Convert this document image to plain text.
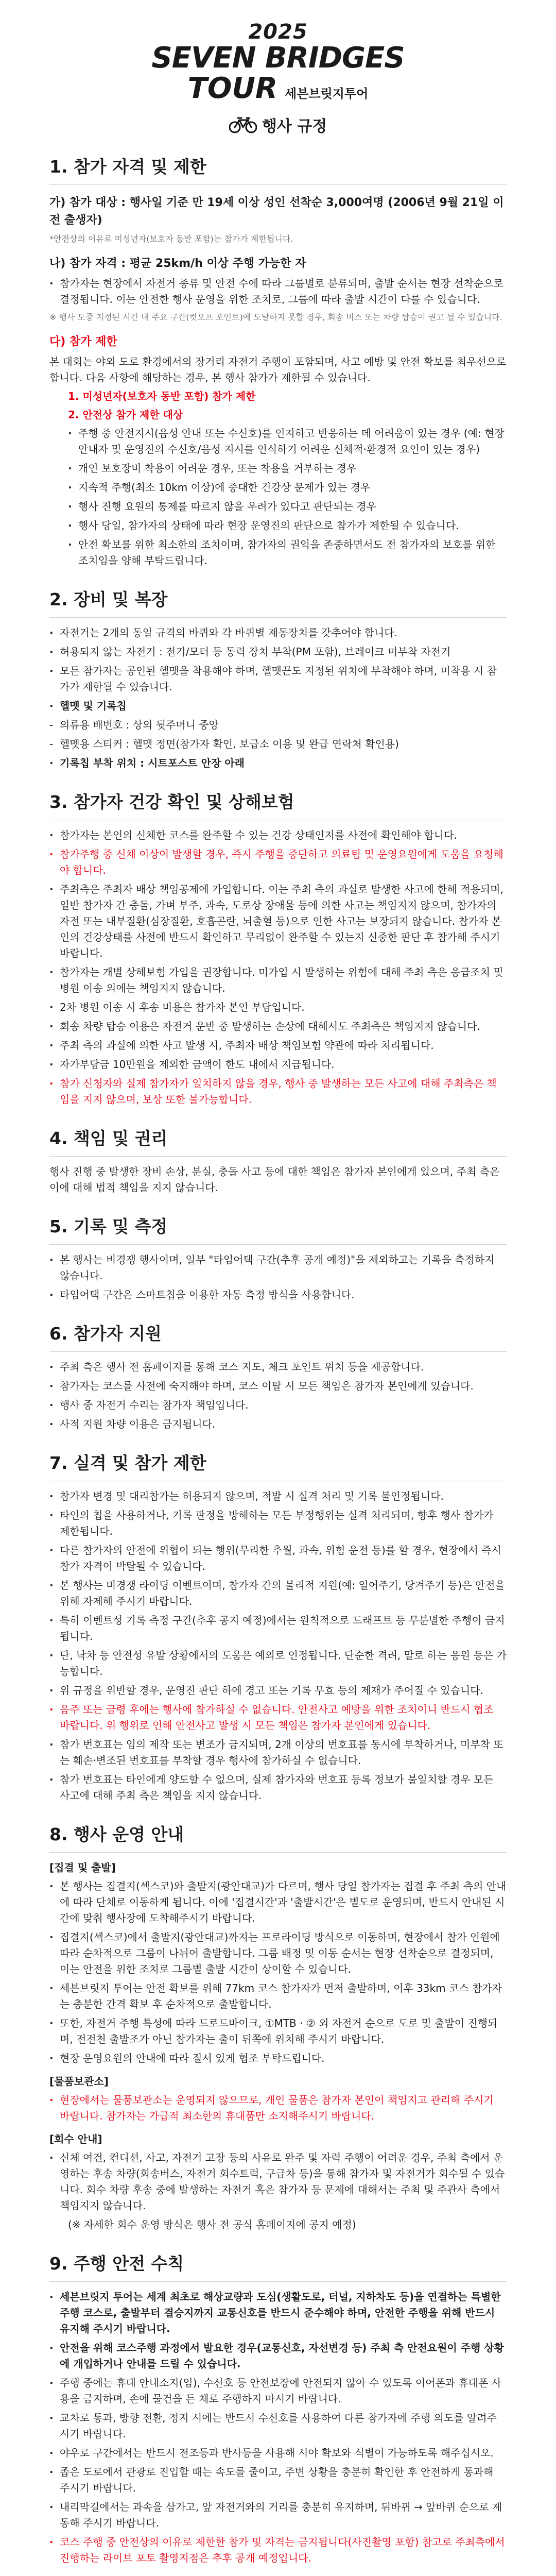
2025
SEVEN BRIDGES
TOUR 세븐브릿지투어
행사 규정
1. 참가 자격 및 제한

가) 참가 대상 : 행사일 기준 만 19세 이상 성인 선착순 3,000여명 (2006년 9월 21일 이전 출생자)

*안전상의 이유로 미성년자(보호자 동반 포함)는 참가가 제한됩니다.

나) 참가 자격 : 평균 25km/h 이상 주행 가능한 자

· 참가자는 현장에서 자전거 종류 및 안전 수에 따라 그룹별로 분류되며, 출발 순서는 현장 선착순으로 결정됩니다. 이는 안전한 행사 운영을 위한 조치로, 그룹에 따라 출발 시간이 다를 수 있습니다.

※ 행사 도중 지정된 시간 내 주요 구간(컷오프 포인트)에 도달하지 못할 경우, 회송 버스 또는 차량 탑승이 권고 될 수 있습니다.

다) 참가 제한

본 대회는 야외 도로 환경에서의 장거리 자전거 주행이 포함되며, 사고 예방 및 안전 확보를 최우선으로 합니다. 다음 사항에 해당하는 경우, 본 행사 참가가 제한될 수 있습니다.

1. 미성년자(보호자 동반 포함) 참가 제한

2. 안전상 참가 제한 대상

· 주행 중 안전지시(음성 안내 또는 수신호)를 인지하고 반응하는 데 어려움이 있는 경우 (예: 현장 안내자 및 운영진의 수신호/음성 지시를 인식하기 어려운 신체적·환경적 요인이 있는 경우)

· 개인 보호장비 착용이 어려운 경우, 또는 착용을 거부하는 경우

· 지속적 주행(최소 10km 이상)에 중대한 건강상 문제가 있는 경우

· 행사 진행 요원의 통제를 따르지 않을 우려가 있다고 판단되는 경우

· 행사 당일, 참가자의 상태에 따라 현장 운영진의 판단으로 참가가 제한될 수 있습니다.

· 안전 확보를 위한 최소한의 조치이며, 참가자의 권익을 존중하면서도 전 참가자의 보호를 위한 조치임을 양해 부탁드립니다.

2. 장비 및 복장

· 자전거는 2개의 동일 규격의 바퀴와 각 바퀴별 제동장치를 갖추어야 합니다.

· 허용되지 않는 자전거 : 전기/모터 등 동력 장치 부착(PM 포함), 브레이크 미부착 자전거

· 모든 참가자는 공인된 헬멧을 착용해야 하며, 헬멧끈도 지정된 위치에 부착해야 하며, 미착용 시 참가가 제한될 수 있습니다.

· 헬멧 및 기록칩

- 의류용 배번호 : 상의 뒷주머니 중앙

- 헬멧용 스티커 : 헬멧 정면(참가자 확인, 보급소 이용 및 완급 연락처 확인용)

· 기록칩 부착 위치 : 시트포스트 안장 아래

3. 참가자 건강 확인 및 상해보험

· 참가자는 본인의 신체한 코스를 완주할 수 있는 건강 상태인지를 사전에 확인해야 합니다.

· 참가주행 중 신체 이상이 발생할 경우, 즉시 주행을 중단하고 의료팀 및 운영요원에게 도움을 요청해야 합니다.

· 주최측은 주최자 배상 책임공제에 가입합니다. 이는 주최 측의 과실로 발생한 사고에 한해 적용되며, 일반 참가자 간 충돌, 가벼 부주, 과속, 도로상 장애물 등에 의한 사고는 책임지지 않으며, 참가자의 자전 또는 내부질환(심장질환, 호흡곤란, 뇌출혈 등)으로 인한 사고는 보장되지 않습니다. 참가자 본인의 건강상태를 사전에 반드시 확인하고 무리없이 완주할 수 있는지 신중한 판단 후 참가해 주시기 바랍니다.

· 참가자는 개별 상해보험 가입을 권장합니다. 미가입 시 발생하는 위험에 대해 주최 측은 응급조치 및 병원 이송 외에는 책임지지 않습니다.

· 2차 병원 이송 시 후송 비용은 참가자 본인 부담입니다.

· 회송 차량 탑승 이용은 자전거 운반 중 발생하는 손상에 대해서도 주최측은 책임지지 않습니다.

· 주최 측의 과실에 의한 사고 발생 시, 주최자 배상 책임보험 약관에 따라 처리됩니다.

· 자가부담금 10만원을 제외한 금액이 한도 내에서 지급됩니다.

· 참가 신청자와 실제 참가자가 일치하지 않을 경우, 행사 중 발생하는 모든 사고에 대해 주최측은 책임을 지지 않으며, 보상 또한 불가능합니다.

4. 책임 및 권리

행사 진행 중 발생한 장비 손상, 분실, 충돌 사고 등에 대한 책임은 참가자 본인에게 있으며, 주최 측은 이에 대해 법적 책임을 지지 않습니다.

5. 기록 및 측정

· 본 행사는 비경쟁 행사이며, 일부 "타임어택 구간(추후 공개 예정)"을 제외하고는 기록을 측정하지 않습니다.

· 타임어택 구간은 스마트칩을 이용한 자동 측정 방식을 사용합니다.

6. 참가자 지원

· 주최 측은 행사 전 홈페이지를 통해 코스 지도, 체크 포인트 위치 등을 제공합니다.

· 참가자는 코스를 사전에 숙지해야 하며, 코스 이탈 시 모든 책임은 참가자 본인에게 있습니다.

· 행사 중 자전거 수리는 참가자 책임입니다.

· 사적 지원 차량 이용은 금지됩니다.

7. 실격 및 참가 제한

· 참가자 변경 및 대리참가는 허용되지 않으며, 적발 시 실격 처리 및 기록 불인정됩니다.

· 타인의 칩을 사용하거나, 기록 판정을 방해하는 모든 부정행위는 실격 처리되며, 향후 행사 참가가 제한됩니다.

· 다른 참가자의 안전에 위협이 되는 행위(무리한 추월, 과속, 위험 운전 등)를 할 경우, 현장에서 즉시 참가 자격이 박탈될 수 있습니다.

· 본 행사는 비경쟁 라이딩 이벤트이며, 참가자 간의 불리적 지원(예: 일어주기, 당겨주기 등)은 안전을 위해 자제해 주시기 바랍니다.

· 특히 이벤트성 기록 측정 구간(추후 공지 예정)에서는 원칙적으로 드래프트 등 무분별한 주행이 금지됩니다.

· 단, 낙차 등 안전성 유발 상황에서의 도움은 예외로 인정됩니다. 단순한 격려, 말로 하는 응원 등은 가능합니다.

· 위 규정을 위반할 경우, 운영진 판단 하에 경고 또는 기록 무효 등의 제재가 주어질 수 있습니다.

· 음주 또는 금령 후에는 행사에 참가하실 수 없습니다. 안전사고 예방을 위한 조치이니 반드시 협조 바랍니다. 위 행위로 인해 안전사고 발생 시 모든 책임은 참가자 본인에게 있습니다.

· 참가 번호표는 임의 제작 또는 변조가 금지되며, 2개 이상의 번호표를 동시에 부착하거나, 미부착 또는 훼손·변조된 번호표를 부착할 경우 행사에 참가하실 수 없습니다.

· 참가 번호표는 타인에게 양도할 수 없으며, 실제 참가자와 번호표 등록 정보가 불일치할 경우 모든 사고에 대해 주최 측은 책임을 지지 않습니다.

8. 행사 운영 안내

[집결 및 출발]

· 본 행사는 집결지(섹스코)와 출발지(광안대교)가 다르며, 행사 당일 참가자는 집결 후 주최 측의 안내에 따라 단체로 이동하게 됩니다. 이에 '집결시간'과 '출발시간'은 별도로 운영되며, 반드시 안내된 시간에 맞춰 행사장에 도착해주시기 바랍니다.

· 집결지(섹스코)에서 출발지(광안대교)까지는 프로라이딩 방식으로 이동하며, 현장에서 참가 인원에 따라 순차적으로 그룹이 나뉘어 출발합니다. 그룹 배정 및 이동 순서는 현장 선착순으로 결정되며, 이는 안전을 위한 조치로 그룹별 출발 시간이 상이할 수 있습니다.

· 세븐브릿지 투어는 안전 확보를 위해 77km 코스 참가자가 먼저 출발하며, 이후 33km 코스 참가자는 충분한 간격 확보 후 순차적으로 출발합니다.

· 또한, 자전거 주행 특성에 따라 드로드바이크, ①MTB · ② 외 자전거 순으로 도로 및 출발이 진행되며, 전전천 출발조가 아닌 참가자는 출이 뒤쪽에 위치해 주시기 바랍니다.

· 현장 운영요원의 안내에 따라 질서 있게 협조 부탁드립니다.

[물품보관소]

· 현장에서는 물품보관소는 운영되지 않으므로, 개인 물품은 참가자 본인이 책임지고 관리해 주시기 바랍니다. 참가자는 가급적 최소한의 휴대품만 소지해주시기 바랍니다.

[회수 안내]

· 신체 여건, 컨디션, 사고, 자전거 고장 등의 사유로 완주 및 자력 주행이 어려운 경우, 주최 측에서 운영하는 후송 차량(회송버스, 자전거 회수트럭, 구급차 등)을 통해 참가자 및 자전거가 회수될 수 있습니다. 회수 차량 후송 중에 발생하는 자전거 혹은 참가자 등 문제에 대해서는 주최 및 주관사 측에서 책임지지 않습니다.

(※ 자세한 회수 운영 방식은 행사 전 공식 홈페이지에 공지 예정)

9. 주행 안전 수칙

· 세븐브릿지 투어는 세계 최초로 해상교량과 도심(생활도로, 터널, 지하차도 등)을 연결하는 특별한 주행 코스로, 출발부터 결승지까지 교통신호를 반드시 준수해야 하며, 안전한 주행을 위해 반드시 유지해 주시기 바랍니다.

· 안전을 위해 코스주행 과정에서 발요한 경우(교통신호, 자선변경 등) 주최 측 안전요원이 주행 상황에 개입하거나 안내를 드릴 수 있습니다.

· 주행 중에는 휴대 안내소지(임), 수신호 등 안전보장에 안전되지 않아 수 있도록 이어폰과 휴대폰 사용을 금지하며, 손에 물건을 든 채로 주행하지 마시기 바랍니다.

· 교차로 통과, 방향 전환, 정지 시에는 반드시 수신호를 사용하여 다른 참가자에 주행 의도를 알려주시기 바랍니다.

· 야우로 구간에서는 반드시 전조등과 반사등을 사용해 시야 확보와 식별이 가능하도록 해주십시오.

· 좁은 도로에서 관광로 진입할 때는 속도를 줄이고, 주변 상황을 충분히 확인한 후 안전하게 통과해 주시기 바랍니다.

· 내리막길에서는 과속을 삼가고, 앞 자전거와의 거리를 충분히 유지하며, 뒤바뀌 → 앞바퀴 순으로 제동해 주시기 바랍니다.

· 코스 주행 중 안전상의 이유로 제한한 참가 및 자격는 금지됩니다(사진촬영 포함) 참고로 주최측에서 진행하는 라이브 포토 촬영지점은 추후 공개 예정입니다.
